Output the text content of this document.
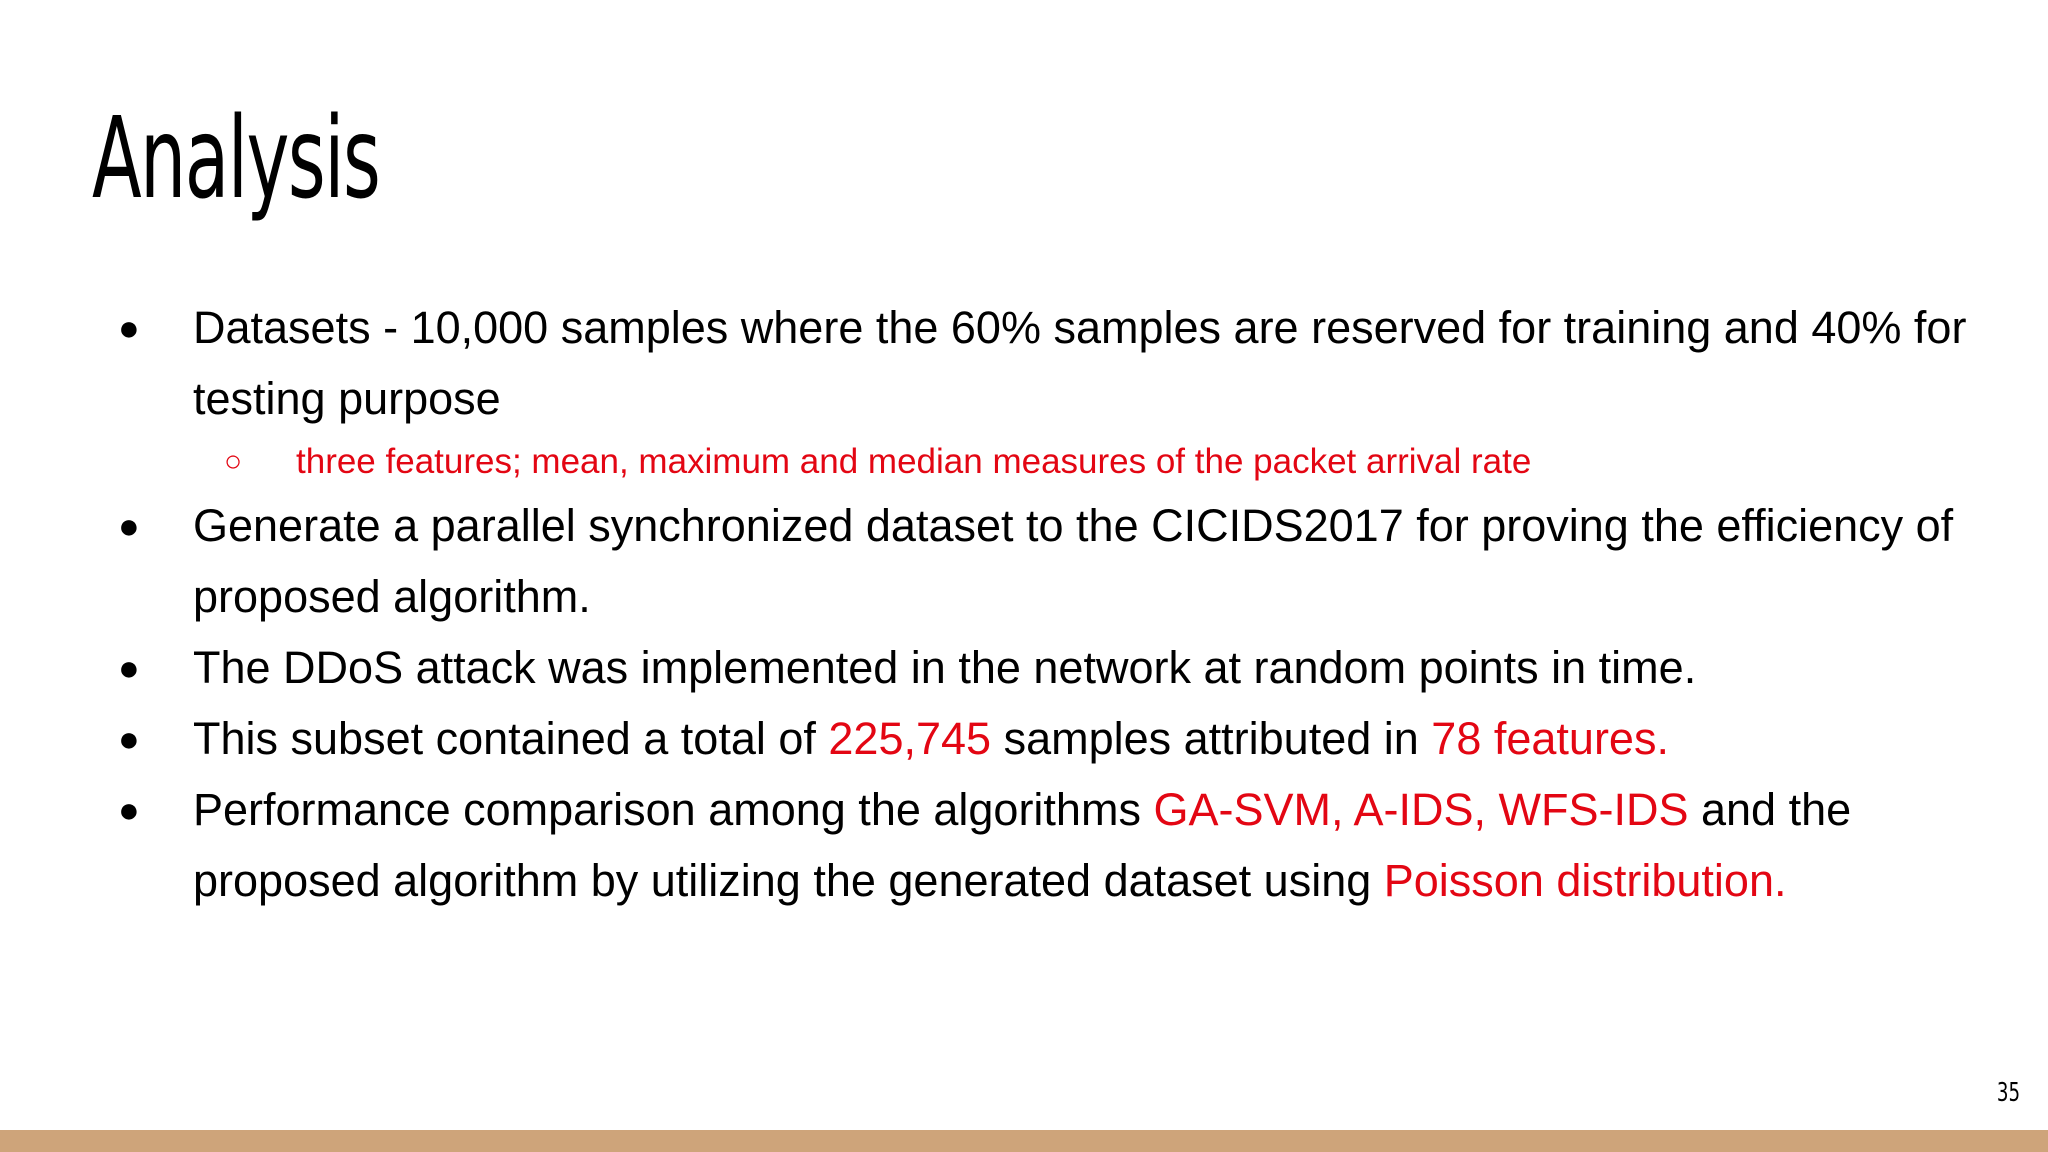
Analysis
● Datasets - 10,000 samples where the 60% samples are reserved for training and 40% for testing purpose
○ three features; mean, maximum and median measures of the packet arrival rate
● Generate a parallel synchronized dataset to the CICIDS2017 for proving the efficiency of proposed algorithm.
● The DDoS attack was implemented in the network at random points in time.
● This subset contained a total of 225,745 samples attributed in 78 features.
● Performance comparison among the algorithms GA-SVM, A-IDS, WFS-IDS and the proposed algorithm by utilizing the generated dataset using Poisson distribution.
35
